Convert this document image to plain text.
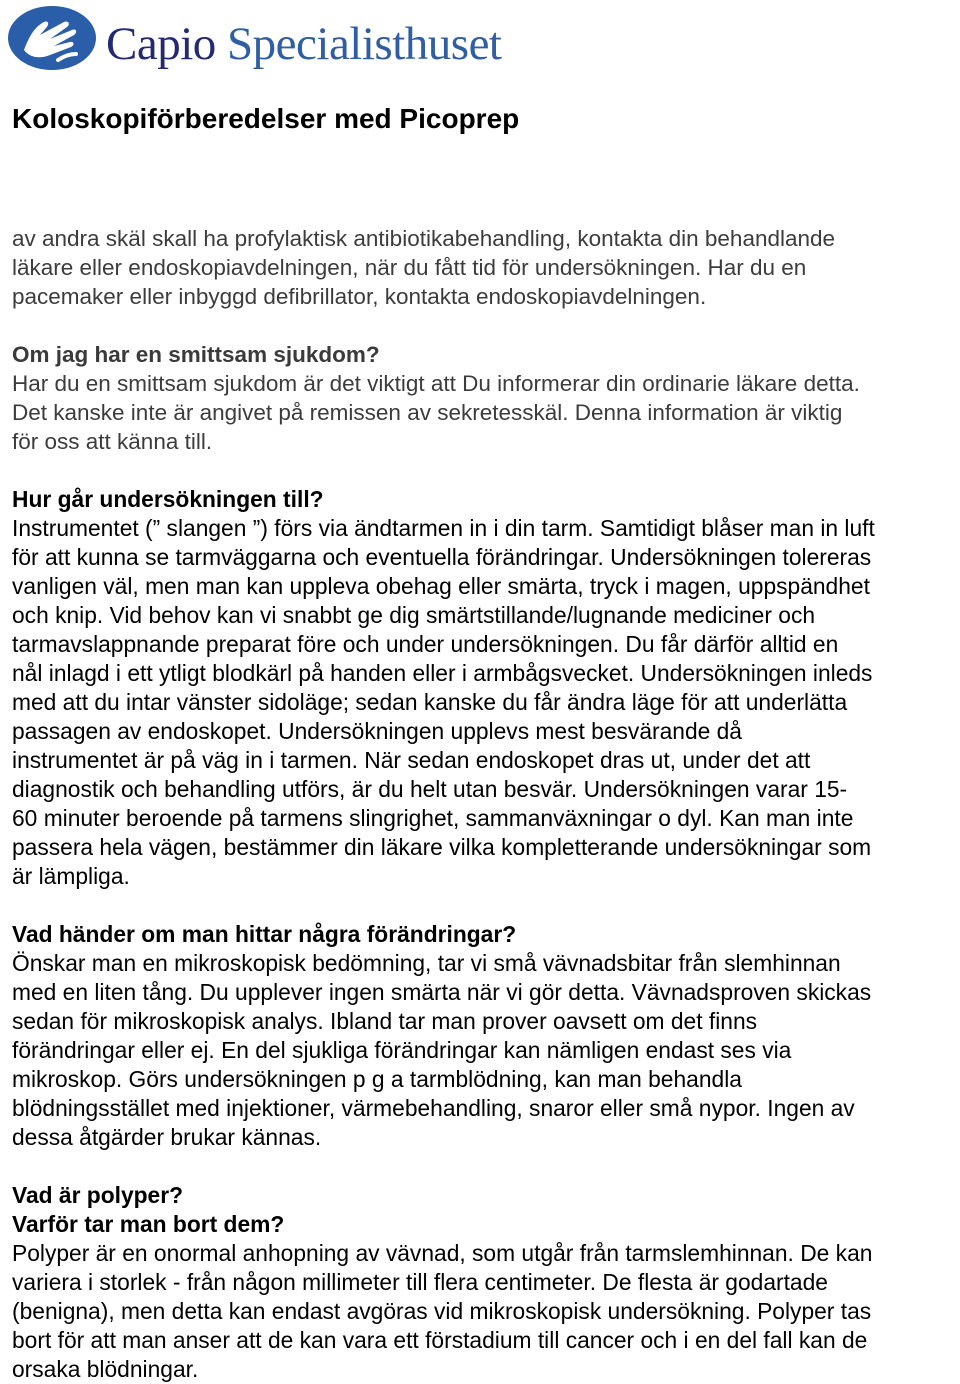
Capio Specialisthuset
Koloskopiförberedelser med Picoprep
av andra skäl skall ha profylaktisk antibiotikabehandling, kontakta din behandlande
läkare eller endoskopiavdelningen, när du fått tid för undersökningen. Har du en
pacemaker eller inbyggd defibrillator, kontakta endoskopiavdelningen.
Om jag har en smittsam sjukdom?
Har du en smittsam sjukdom är det viktigt att Du informerar din ordinarie läkare detta.
Det kanske inte är angivet på remissen av sekretesskäl. Denna information är viktig
för oss att känna till.
Hur går undersökningen till?
Instrumentet (” slangen ”) förs via ändtarmen in i din tarm. Samtidigt blåser man in luft
för att kunna se tarmväggarna och eventuella förändringar. Undersökningen tolereras
vanligen väl, men man kan uppleva obehag eller smärta, tryck i magen, uppspändhet
och knip. Vid behov kan vi snabbt ge dig smärtstillande/lugnande mediciner och
tarmavslappnande preparat före och under undersökningen. Du får därför alltid en
nål inlagd i ett ytligt blodkärl på handen eller i armbågsvecket. Undersökningen inleds
med att du intar vänster sidoläge; sedan kanske du får ändra läge för att underlätta
passagen av endoskopet. Undersökningen upplevs mest besvärande då
instrumentet är på väg in i tarmen. När sedan endoskopet dras ut, under det att
diagnostik och behandling utförs, är du helt utan besvär. Undersökningen varar 15-
60 minuter beroende på tarmens slingrighet, sammanväxningar o dyl. Kan man inte
passera hela vägen, bestämmer din läkare vilka kompletterande undersökningar som
är lämpliga.
Vad händer om man hittar några förändringar?
Önskar man en mikroskopisk bedömning, tar vi små vävnadsbitar från slemhinnan
med en liten tång. Du upplever ingen smärta när vi gör detta. Vävnadsproven skickas
sedan för mikroskopisk analys. Ibland tar man prover oavsett om det finns
förändringar eller ej. En del sjukliga förändringar kan nämligen endast ses via
mikroskop. Görs undersökningen p g a tarmblödning, kan man behandla
blödningsstället med injektioner, värmebehandling, snaror eller små nypor. Ingen av
dessa åtgärder brukar kännas.
Vad är polyper?
Varför tar man bort dem?
Polyper är en onormal anhopning av vävnad, som utgår från tarmslemhinnan. De kan
variera i storlek - från någon millimeter till flera centimeter. De flesta är godartade
(benigna), men detta kan endast avgöras vid mikroskopisk undersökning. Polyper tas
bort för att man anser att de kan vara ett förstadium till cancer och i en del fall kan de
orsaka blödningar.
